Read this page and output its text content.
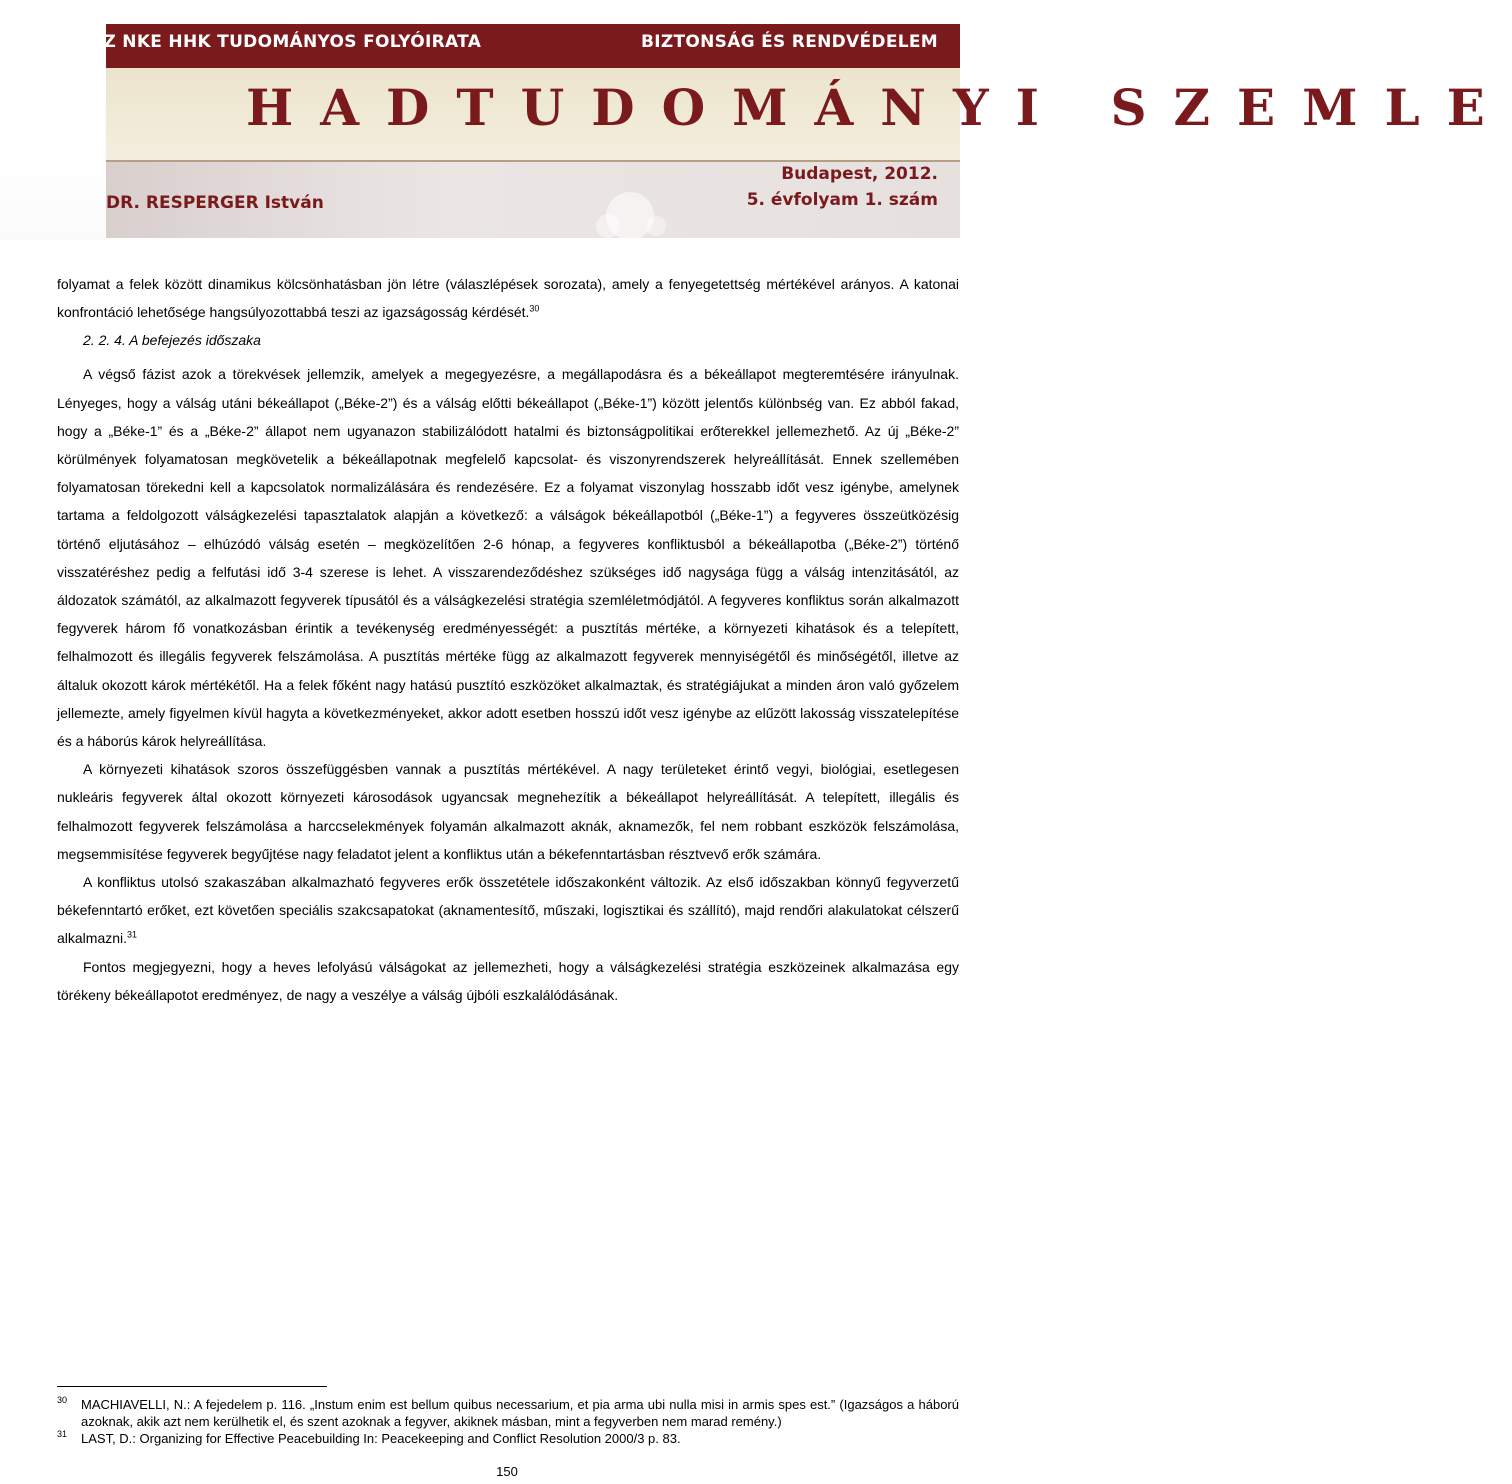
AZ NKE HHK TUDOMÁNYOS FOLYÓIRATA	BIZTONSÁG ÉS RENDVÉDELEM
HADTUDOMÁNYI SZEMLE
DR. RESPERGER István
Budapest, 2012.
5. évfolyam 1. szám

folyamat a felek között dinamikus kölcsönhatásban jön létre (válaszlépések sorozata), amely a fenyegetettség mértékével arányos. A katonai konfrontáció lehetősége hangsúlyozottabbá teszi az igazságosság kérdését.$^{30}$

2. 2. 4. A befejezés időszaka

A végső fázist azok a törekvések jellemzik, amelyek a megegyezésre, a megállapodásra és a békeállapot megteremtésére irányulnak. Lényeges, hogy a válság utáni békeállapot („Béke-2”) és a válság előtti békeállapot („Béke-1”) között jelentős különbség van. Ez abból fakad, hogy a „Béke-1” és a „Béke-2” állapot nem ugyanazon stabilizálódott hatalmi és biztonságpolitikai erőterekkel jellemezhető. Az új „Béke-2” körülmények folyamatosan megkövetelik a békeállapotnak megfelelő kapcsolat- és viszonyrendszerek helyreállítását. Ennek szellemében folyamatosan törekedni kell a kapcsolatok normalizálására és rendezésére. Ez a folyamat viszonylag hosszabb időt vesz igénybe, amelynek tartama a feldolgozott válságkezelési tapasztalatok alapján a következő: a válságok békeállapotból („Béke-1”) a fegyveres összeütközésig történő eljutásához – elhúzódó válság esetén – megközelítően 2-6 hónap, a fegyveres konfliktusból a békeállapotba („Béke-2”) történő visszatéréshez pedig a felfutási idő 3-4 szerese is lehet. A visszarendeződéshez szükséges idő nagysága függ a válság intenzitásától, az áldozatok számától, az alkalmazott fegyverek típusától és a válságkezelési stratégia szemléletmódjától. A fegyveres konfliktus során alkalmazott fegyverek három fő vonatkozásban érintik a tevékenység eredményességét: a pusztítás mértéke, a környezeti kihatások és a telepített, felhalmozott és illegális fegyverek felszámolása. A pusztítás mértéke függ az alkalmazott fegyverek mennyiségétől és minőségétől, illetve az általuk okozott károk mértékétől. Ha a felek főként nagy hatású pusztító eszközöket alkalmaztak, és stratégiájukat a minden áron való győzelem jellemezte, amely figyelmen kívül hagyta a következményeket, akkor adott esetben hosszú időt vesz igénybe az elűzött lakosság visszatelepítése és a háborús károk helyreállítása.

A környezeti kihatások szoros összefüggésben vannak a pusztítás mértékével. A nagy területeket érintő vegyi, biológiai, esetlegesen nukleáris fegyverek által okozott környezeti károsodások ugyancsak megnehezítik a békeállapot helyreállítását. A telepített, illegális és felhalmozott fegyverek felszámolása a harccselekmények folyamán alkalmazott aknák, aknamezők, fel nem robbant eszközök felszámolása, megsemmisítése fegyverek begyűjtése nagy feladatot jelent a konfliktus után a békefenntartásban résztvevő erők számára.

A konfliktus utolsó szakaszában alkalmazható fegyveres erők összetétele időszakonként változik. Az első időszakban könnyű fegyverzetű békefenntartó erőket, ezt követően speciális szakcsapatokat (aknamentesítő, műszaki, logisztikai és szállító), majd rendőri alakulatokat célszerű alkalmazni.$^{31}$

Fontos megjegyezni, hogy a heves lefolyású válságokat az jellemezheti, hogy a válságkezelési stratégia eszközeinek alkalmazása egy törékeny békeállapotot eredményez, de nagy a veszélye a válság újbóli eszkalálódásának.

30 MACHIAVELLI, N.: A fejedelem p. 116. „Instum enim est bellum quibus necessarium, et pia arma ubi nulla misi in armis spes est.” (Igazságos a háború azoknak, akik azt nem kerülhetik el, és szent azoknak a fegyver, akiknek másban, mint a fegyverben nem marad remény.)
31 LAST, D.: Organizing for Effective Peacebuilding In: Peacekeeping and Conflict Resolution 2000/3 p. 83.
150
